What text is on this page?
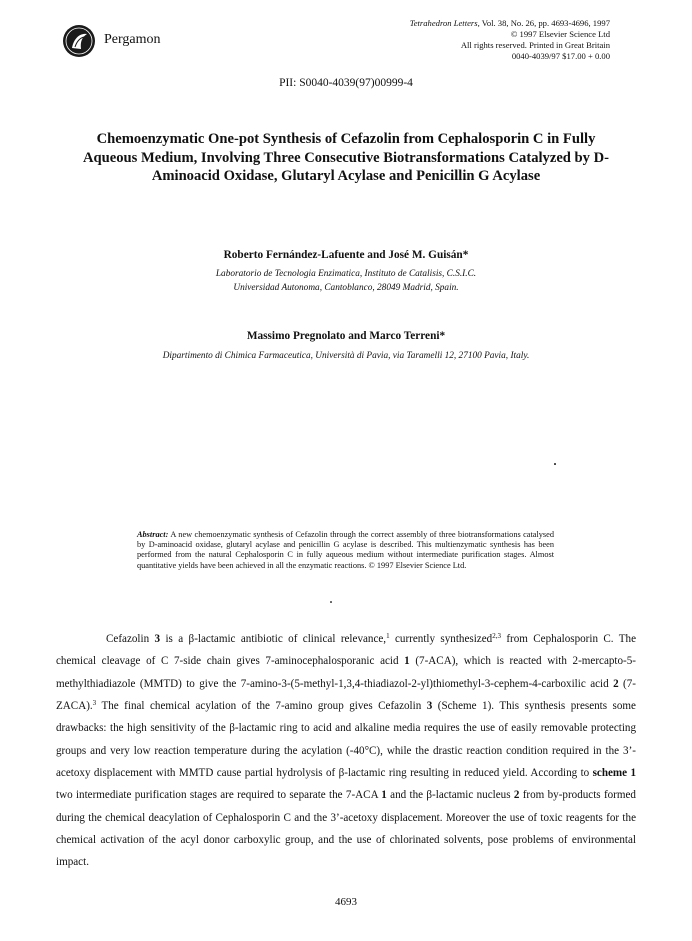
Pergamon
Tetrahedron Letters, Vol. 38, No. 26, pp. 4693-4696, 1997
© 1997 Elsevier Science Ltd
All rights reserved. Printed in Great Britain
0040-4039/97 $17.00 + 0.00
PII: S0040-4039(97)00999-4
Chemoenzymatic One-pot Synthesis of Cefazolin from Cephalosporin C in Fully Aqueous Medium, Involving Three Consecutive Biotransformations Catalyzed by D-Aminoacid Oxidase, Glutaryl Acylase and Penicillin G Acylase
Roberto Fernández-Lafuente and José M. Guisán*
Laboratorio de Tecnologia Enzimatica, Instituto de Catalisis, C.S.I.C.
Universidad Autonoma, Cantoblanco, 28049 Madrid, Spain.
Massimo Pregnolato and Marco Terreni*
Dipartimento di Chimica Farmaceutica, Università di Pavia, via Taramelli 12, 27100 Pavia, Italy.
Abstract: A new chemoenzymatic synthesis of Cefazolin through the correct assembly of three biotransformations catalysed by D-aminoacid oxidase, glutaryl acylase and penicillin G acylase is described. This multienzymatic synthesis has been performed from the natural Cephalosporin C in fully aqueous medium without intermediate purification stages. Almost quantitative yields have been achieved in all the enzymatic reactions. © 1997 Elsevier Science Ltd.

Cefazolin 3 is a β-lactamic antibiotic of clinical relevance,$^1$ currently synthesized$^{2,3}$ from Cephalosporin C. The chemical cleavage of C 7-side chain gives 7-aminocephalosporanic acid 1 (7-ACA), which is reacted with 2-mercapto-5-methylthiadiazole (MMTD) to give the 7-amino-3-(5-methyl-1,3,4-thiadiazol-2-yl)thiomethyl-3-cephem-4-carboxilic acid 2 (7-ZACA).$^3$ The final chemical acylation of the 7-amino group gives Cefazolin 3 (Scheme 1). This synthesis presents some drawbacks: the high sensitivity of the β-lactamic ring to acid and alkaline media requires the use of easily removable protecting groups and very low reaction temperature during the acylation (-40°C), while the drastic reaction condition required in the 3’-acetoxy displacement with MMTD cause partial hydrolysis of β-lactamic ring resulting in reduced yield. According to scheme 1 two intermediate purification stages are required to separate the 7-ACA 1 and the β-lactamic nucleus 2 from by-products formed during the chemical deacylation of Cephalosporin C and the 3’-acetoxy displacement. Moreover the use of toxic reagents for the chemical activation of the acyl donor carboxylic group, and the use of chlorinated solvents, pose problems of environmental impact.

4693
